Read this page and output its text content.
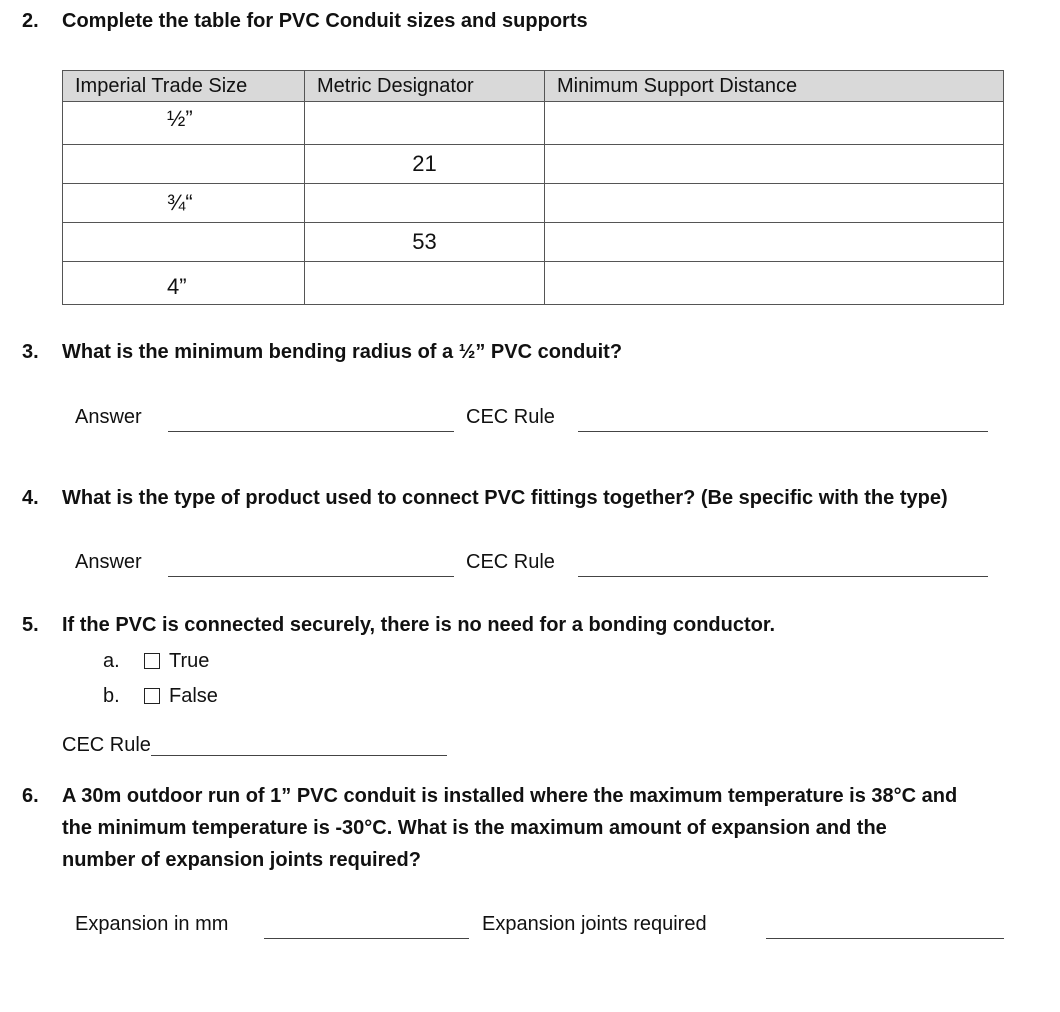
2. Complete the table for PVC Conduit sizes and supports
Imperial Trade Size	Metric Designator	Minimum Support Distance
½”		
	21	
¾“		
	53	
4”		
3. What is the minimum bending radius of a ½” PVC conduit?
Answer	CEC Rule
4. What is the type of product used to connect PVC fittings together? (Be specific with the type)
Answer	CEC Rule
5. If the PVC is connected securely, there is no need for a bonding conductor.
a. True
b. False
CEC Rule
6. A 30m outdoor run of 1” PVC conduit is installed where the maximum temperature is 38°C and
the minimum temperature is -30°C. What is the maximum amount of expansion and the
number of expansion joints required?
Expansion in mm	Expansion joints required
